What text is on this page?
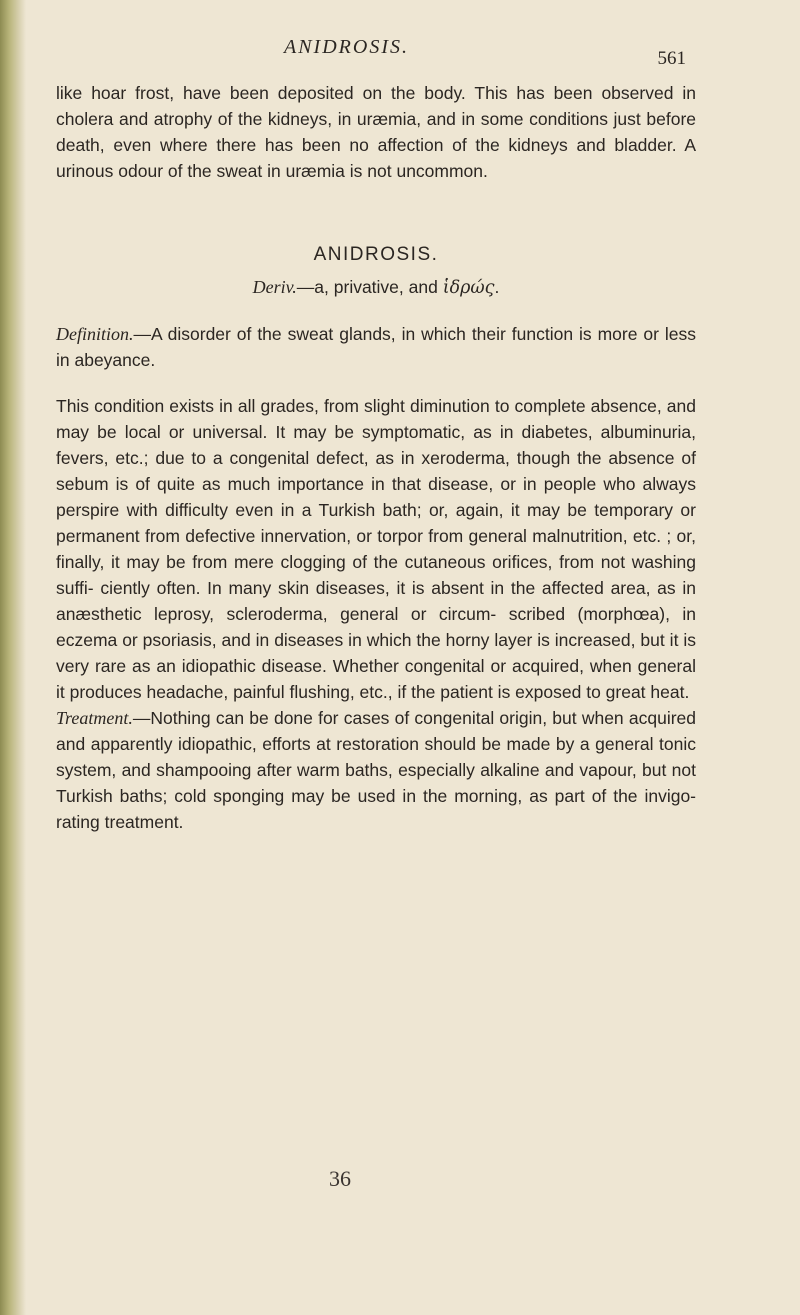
ANIDROSIS.
561

like hoar frost, have been deposited on the body. This has been observed in cholera and atrophy of the kidneys, in uræmia, and in some conditions just before death, even where there has been no affection of the kidneys and bladder. A urinous odour of the sweat in uræmia is not uncommon.

ANIDROSIS.

Deriv.—a, privative, and ἱδρώς.

Definition.—A disorder of the sweat glands, in which their function is more or less in abeyance.

This condition exists in all grades, from slight diminution to complete absence, and may be local or universal. It may be symptomatic, as in diabetes, albuminuria, fevers, etc.; due to a congenital defect, as in xeroderma, though the absence of sebum is of quite as much importance in that disease, or in people who always perspire with difficulty even in a Turkish bath; or, again, it may be temporary or permanent from defective innervation, or torpor from general malnutrition, etc. ; or, finally, it may be from mere clogging of the cutaneous orifices, from not washing suffi- ciently often. In many skin diseases, it is absent in the affected area, as in anæsthetic leprosy, scleroderma, general or circum- scribed (morphœa), in eczema or psoriasis, and in diseases in which the horny layer is increased, but it is very rare as an idiopathic disease. Whether congenital or acquired, when general it produces headache, painful flushing, etc., if the patient is exposed to great heat.

Treatment.—Nothing can be done for cases of congenital origin, but when acquired and apparently idiopathic, efforts at restoration should be made by a general tonic system, and shampooing after warm baths, especially alkaline and vapour, but not Turkish baths; cold sponging may be used in the morning, as part of the invigo- rating treatment.

36
